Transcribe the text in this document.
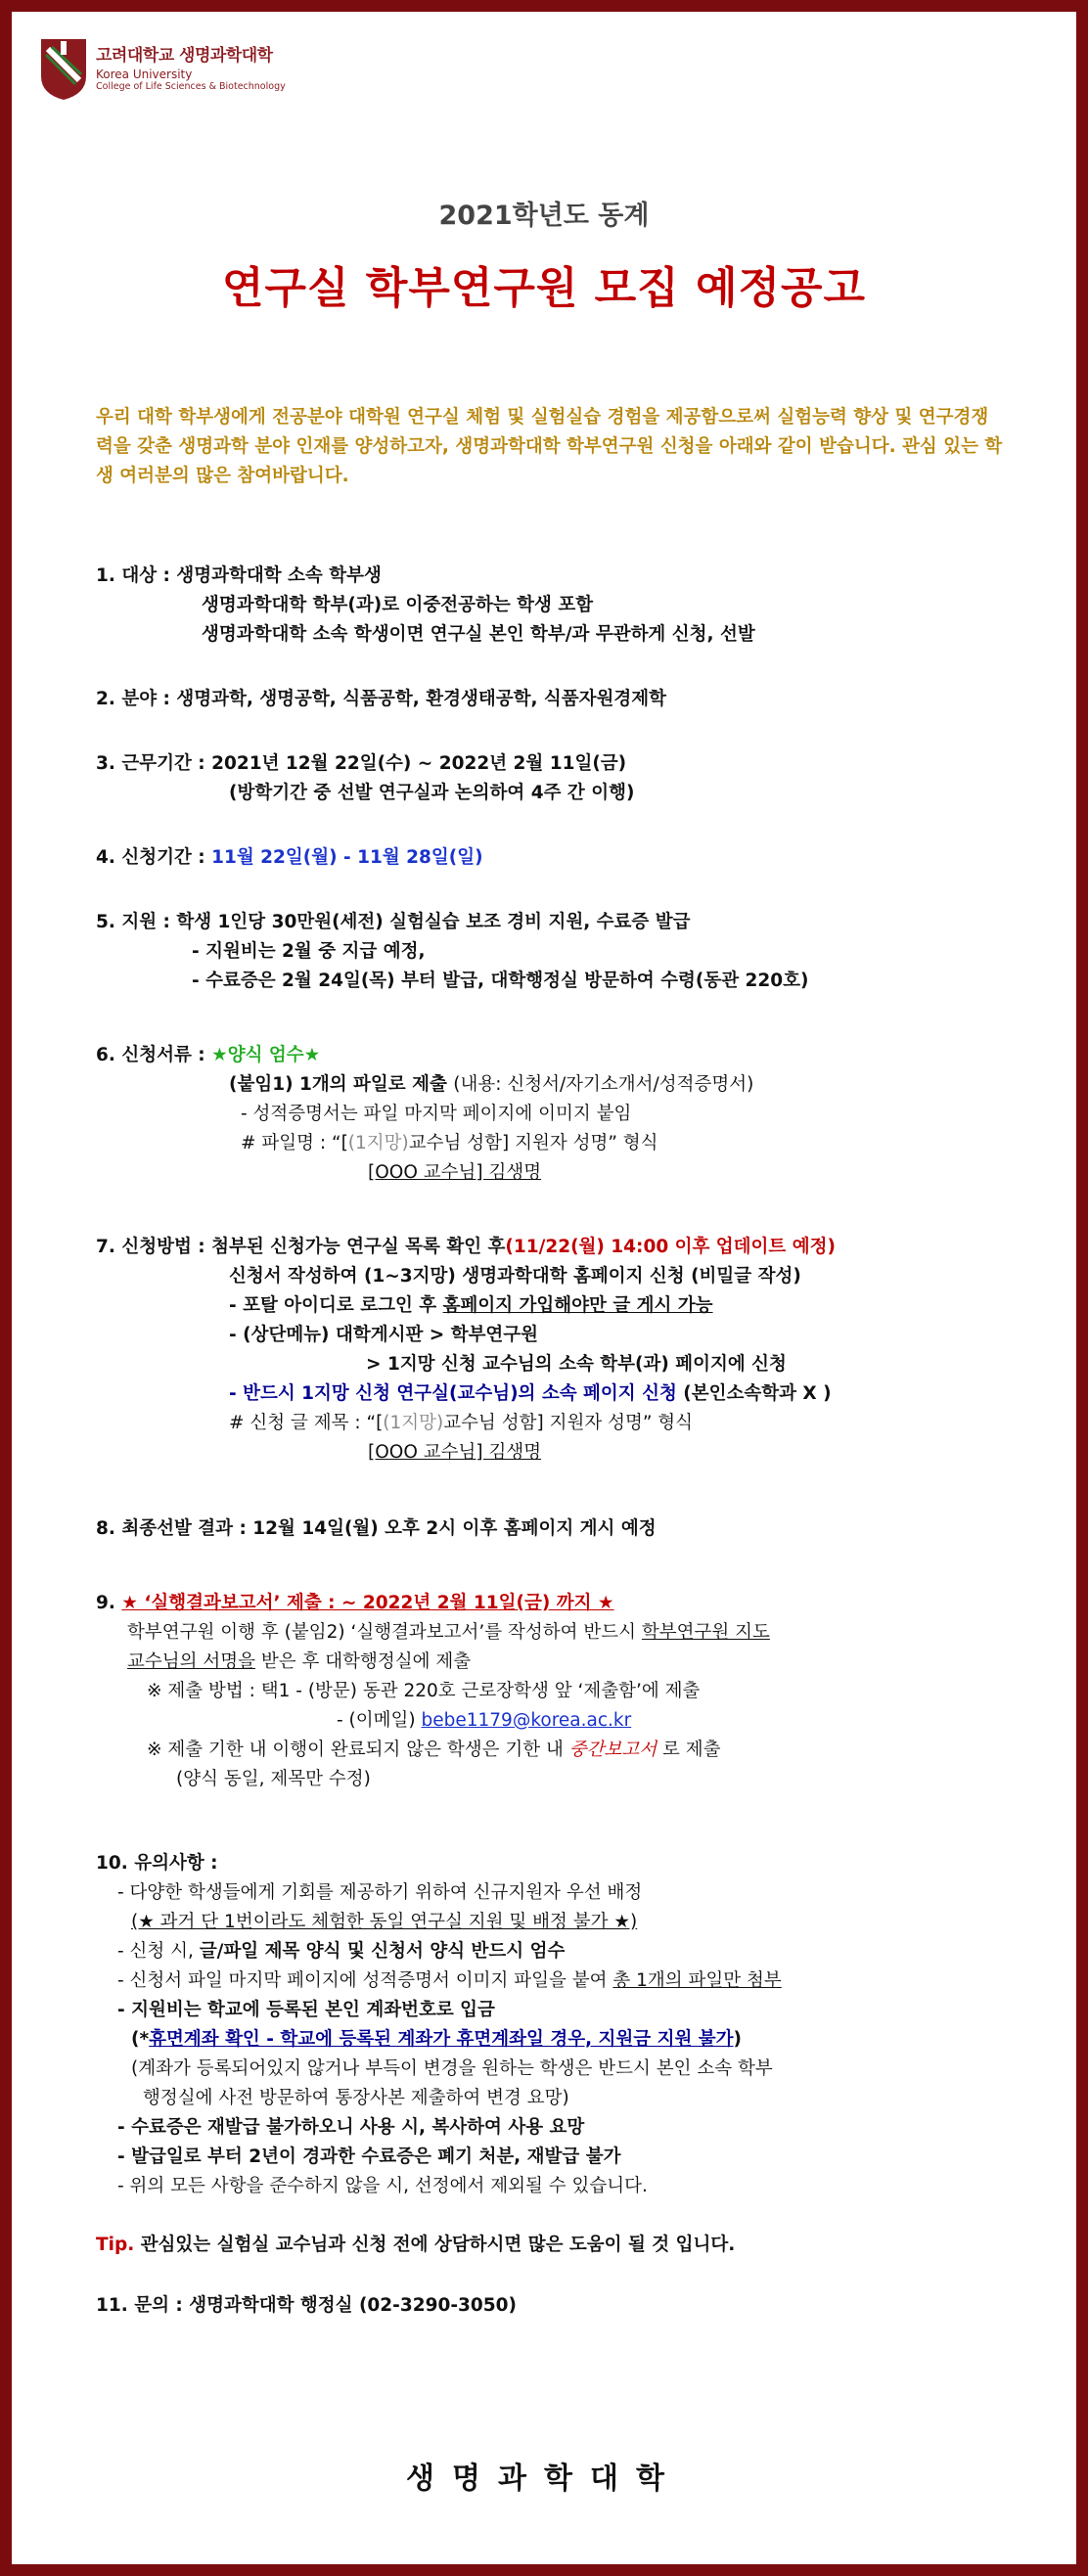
고려대학교 생명과학대학
Korea University
College of Life Sciences & Biotechnology
2021학년도 동계
연구실 학부연구원 모집 예정공고
우리 대학 학부생에게 전공분야 대학원 연구실 체험 및 실험실습 경험을 제공함으로써 실험능력 향상 및 연구경쟁력을 갖춘 생명과학 분야 인재를 양성하고자, 생명과학대학 학부연구원 신청을 아래와 같이 받습니다. 관심 있는 학생 여러분의 많은 참여바랍니다.
1. 대상 : 생명과학대학 소속 학부생
생명과학대학 학부(과)로 이중전공하는 학생 포함
생명과학대학 소속 학생이면 연구실 본인 학부/과 무관하게 신청, 선발
2. 분야 : 생명과학, 생명공학, 식품공학, 환경생태공학, 식품자원경제학
3. 근무기간 : 2021년 12월 22일(수) ~ 2022년 2월 11일(금)
(방학기간 중 선발 연구실과 논의하여 4주 간 이행)
4. 신청기간 : 11월 22일(월) - 11월 28일(일)
5. 지원 : 학생 1인당 30만원(세전) 실험실습 보조 경비 지원, 수료증 발급
- 지원비는 2월 중 지급 예정,
- 수료증은 2월 24일(목) 부터 발급, 대학행정실 방문하여 수령(동관 220호)
6. 신청서류 : ★양식 엄수★
(붙임1) 1개의 파일로 제출 (내용: 신청서/자기소개서/성적증명서)
- 성적증명서는 파일 마지막 페이지에 이미지 붙임
# 파일명 : “[(1지망)교수님 성함] 지원자 성명” 형식
[OOO 교수님] 김생명
7. 신청방법 : 첨부된 신청가능 연구실 목록 확인 후(11/22(월) 14:00 이후 업데이트 예정)
신청서 작성하여 (1~3지망) 생명과학대학 홈페이지 신청 (비밀글 작성)
- 포탈 아이디로 로그인 후 홈페이지 가입해야만 글 게시 가능
- (상단메뉴) 대학게시판 > 학부연구원
> 1지망 신청 교수님의 소속 학부(과) 페이지에 신청
- 반드시 1지망 신청 연구실(교수님)의 소속 페이지 신청 (본인소속학과 X )
# 신청 글 제목 : “[(1지망)교수님 성함] 지원자 성명” 형식
[OOO 교수님] 김생명
8. 최종선발 결과 : 12월 14일(월) 오후 2시 이후 홈페이지 게시 예정
9. ★ ‘실행결과보고서’ 제출 : ~ 2022년 2월 11일(금) 까지 ★
학부연구원 이행 후 (붙임2) ‘실행결과보고서’를 작성하여 반드시 학부연구원 지도
교수님의 서명을 받은 후 대학행정실에 제출
※ 제출 방법 : 택1 - (방문) 동관 220호 근로장학생 앞 ‘제출함’에 제출
- (이메일) bebe1179@korea.ac.kr
※ 제출 기한 내 이행이 완료되지 않은 학생은 기한 내 중간보고서 로 제출
(양식 동일, 제목만 수정)
10. 유의사항 :
- 다양한 학생들에게 기회를 제공하기 위하여 신규지원자 우선 배정
(★ 과거 단 1번이라도 체험한 동일 연구실 지원 및 배정 불가 ★)
- 신청 시, 글/파일 제목 양식 및 신청서 양식 반드시 엄수
- 신청서 파일 마지막 페이지에 성적증명서 이미지 파일을 붙여 총 1개의 파일만 첨부
- 지원비는 학교에 등록된 본인 계좌번호로 입금
(*휴면계좌 확인 - 학교에 등록된 계좌가 휴면계좌일 경우, 지원금 지원 불가)
(계좌가 등록되어있지 않거나 부득이 변경을 원하는 학생은 반드시 본인 소속 학부
행정실에 사전 방문하여 통장사본 제출하여 변경 요망)
- 수료증은 재발급 불가하오니 사용 시, 복사하여 사용 요망
- 발급일로 부터 2년이 경과한 수료증은 폐기 처분, 재발급 불가
- 위의 모든 사항을 준수하지 않을 시, 선정에서 제외될 수 있습니다.
Tip. 관심있는 실험실 교수님과 신청 전에 상담하시면 많은 도움이 될 것 입니다.
11. 문의 : 생명과학대학 행정실 (02-3290-3050)
생명과학대학
